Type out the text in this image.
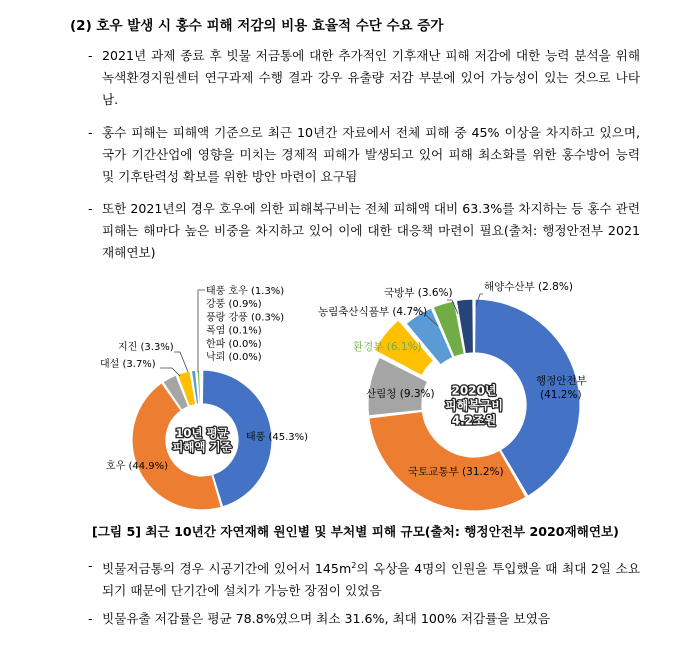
(2) 호우 발생 시 홍수 피해 저감의 비용 효율적 수단 수요 증가
- 2021년 과제 종료 후 빗물 저금통에 대한 추가적인 기후재난 피해 저감에 대한 능력 분석을 위해 녹색환경지원센터 연구과제 수행 결과 강우 유출량 저감 부분에 있어 가능성이 있는 것으로 나타남.
- 홍수 피해는 피해액 기준으로 최근 10년간 자료에서 전체 피해 중 45% 이상을 차지하고 있으며, 국가 기간산업에 영향을 미치는 경제적 피해가 발생되고 있어 피해 최소화를 위한 홍수방어 능력 및 기후탄력성 확보를 위한 방안 마련이 요구됨
- 또한 2021년의 경우 호우에 의한 피해복구비는 전체 피해액 대비 63.3%를 차지하는 등 홍수 관련 피해는 해마다 높은 비중을 차지하고 있어 이에 대한 대응책 마련이 필요(출처: 행정안전부 2021재해연보)
태풍 (45.3%)
호우 (44.9%)
대설 (3.7%)
지진 (3.3%)
태풍 호우 (1.3%)
강풍 (0.9%)
풍랑 강풍 (0.3%)
폭염 (0.1%)
한파 (0.0%)
낙뢰 (0.0%)
10년 평균
피해액 기준
행정안전부
(41.2%)
국토교통부 (31.2%)
산림청 (9.3%)
환경부 (6.1%)
농림축산식품부 (4.7%)
국방부 (3.6%)	해양수산부 (2.8%)
2020년
피해복구비
4.2조원
[그림 5] 최근 10년간 자연재해 원인별 및 부처별 피해 규모(출처: 행정안전부 2020재해연보)
- 빗물저금통의 경우 시공기간에 있어서 $145m^2$의 옥상을 4명의 인원을 투입했을 때 최대 2일 소요되기 때문에 단기간에 설치가 가능한 장점이 있었음
- 빗물유출 저감률은 평균 78.8%였으며 최소 31.6%, 최대 100% 저감률을 보였음
